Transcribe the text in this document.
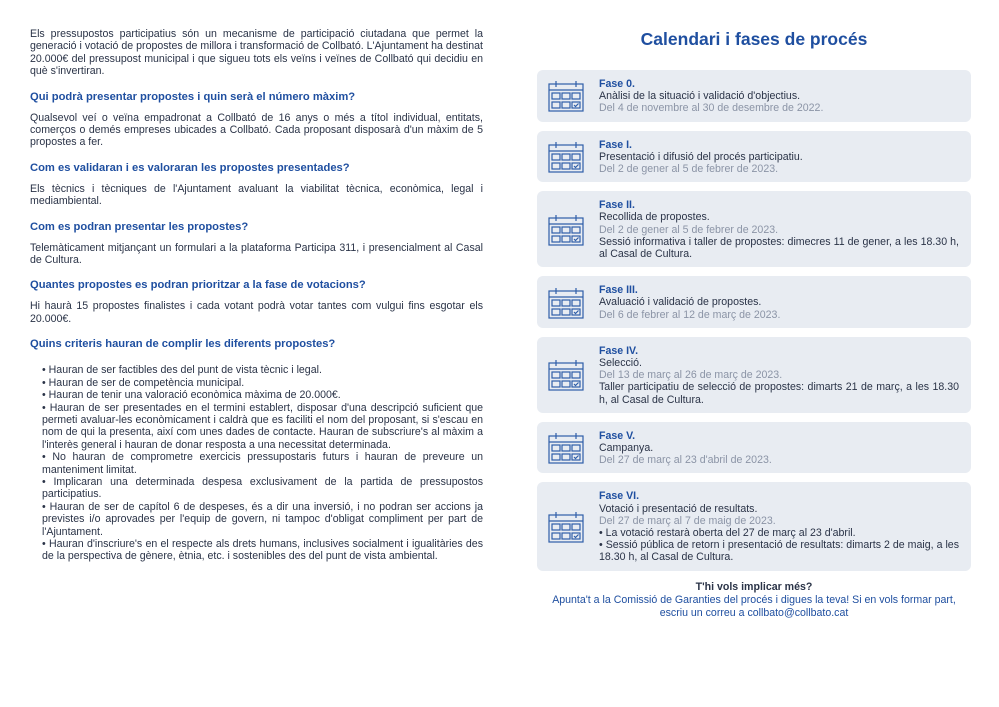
Els pressupostos participatius són un mecanisme de participació ciutadana que permet la generació i votació de propostes de millora i transformació de Collbató. L'Ajuntament ha destinat 20.000€ del pressupost municipal i que sigueu tots els veïns i veïnes de Collbató qui decidiu en què s'invertiran.

Qui podrà presentar propostes i quin serà el número màxim?

Qualsevol veí o veïna empadronat a Collbató de 16 anys o més a títol individual, entitats, comerços o demés empreses ubicades a Collbató. Cada proposant disposarà d'un màxim de 5 propostes a fer.

Com es validaran i es valoraran les propostes presentades?

Els tècnics i tècniques de l'Ajuntament avaluant la viabilitat tècnica, econòmica, legal i mediambiental.

Com es podran presentar les propostes?

Telemàticament mitjançant un formulari a la plataforma Participa 311, i presencialment al Casal de Cultura.

Quantes propostes es podran prioritzar a la fase de votacions?

Hi haurà 15 propostes finalistes i cada votant podrà votar tantes com vulgui fins esgotar els 20.000€.

Quins criteris hauran de complir les diferents propostes?
• Hauran de ser factibles des del punt de vista tècnic i legal.
• Hauran de ser de competència municipal.
• Hauran de tenir una valoració econòmica màxima de 20.000€.
• Hauran de ser presentades en el termini establert, disposar d'una descripció suficient que permeti avaluar-les econòmicament i caldrà que es faciliti el nom del proposant, si s'escau en nom de qui la presenta, així com unes dades de contacte. Hauran de subscriure's al màxim a l'interès general i hauran de donar resposta a una necessitat determinada.
• No hauran de comprometre exercicis pressupostaris futurs i hauran de preveure un manteniment limitat.
• Implicaran una determinada despesa exclusivament de la partida de pressupostos participatius.
• Hauran de ser de capítol 6 de despeses, és a dir una inversió, i no podran ser accions ja previstes i/o aprovades per l'equip de govern, ni tampoc d'obligat compliment per part de l'Ajuntament.
• Hauran d'inscriure's en el respecte als drets humans, inclusives socialment i igualitàries des de la perspectiva de gènere, ètnia, etc. i sostenibles des del punt de vista ambiental.
Calendari i fases de procés
Fase 0.
Anàlisi de la situació i validació d'objectius.
Del 4 de novembre al 30 de desembre de 2022.
Fase I.
Presentació i difusió del procés participatiu.
Del 2 de gener al 5 de febrer de 2023.
Fase II.
Recollida de propostes.
Del 2 de gener al 5 de febrer de 2023.
Sessió informativa i taller de propostes: dimecres 11 de gener, a les 18.30 h, al Casal de Cultura.
Fase III.
Avaluació i validació de propostes.
Del 6 de febrer al 12 de març de 2023.
Fase IV.
Selecció.
Del 13 de març al 26 de març de 2023.
Taller participatiu de selecció de propostes: dimarts 21 de març, a les 18.30 h, al Casal de Cultura.
Fase V.
Campanya.
Del 27 de març al 23 d'abril de 2023.
Fase VI.
Votació i presentació de resultats.
Del 27 de març al 7 de maig de 2023.
• La votació restarà oberta del 27 de març al 23 d'abril.
• Sessió pública de retorn i presentació de resultats: dimarts 2 de maig, a les 18.30 h, al Casal de Cultura.
T'hi vols implicar més?
Apunta't a la Comissió de Garanties del procés i digues la teva! Si en vols formar part, escriu un correu a collbato@collbato.cat
